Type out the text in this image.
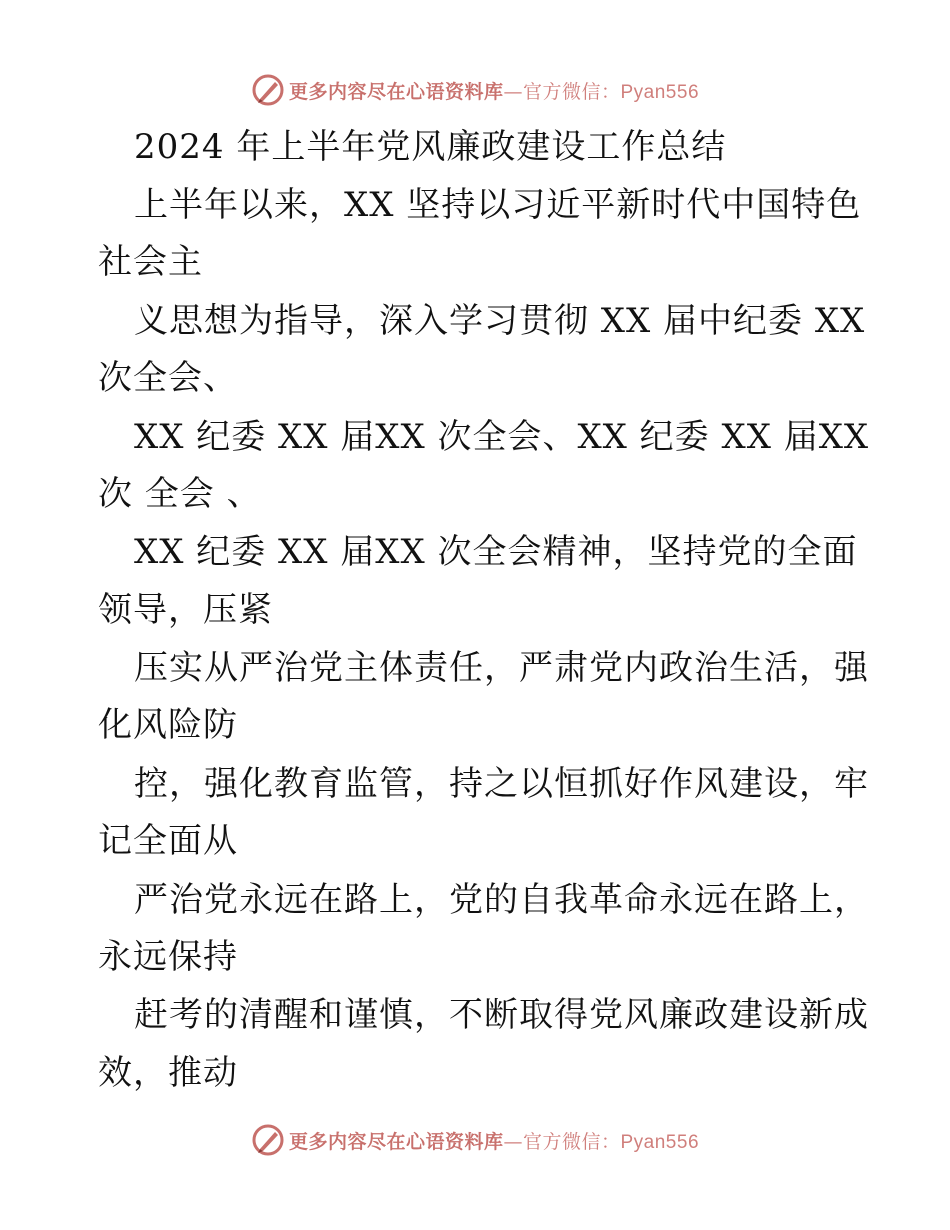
更多内容尽在心语资料库—官方微信：Pyan556
2024 年上半年党风廉政建设工作总结
上半年以来，XX 坚持以习近平新时代中国特色
社会主
义思想为指导，深入学习贯彻 XX 届中纪委 XX
次全会、
XX 纪委 XX 届XX 次全会、XX 纪委 XX 届XX
次 全会 、
XX 纪委 XX 届XX 次全会精神，坚持党的全面
领导，压紧
压实从严治党主体责任，严肃党内政治生活，强
化风险防
控，强化教育监管，持之以恒抓好作风建设，牢
记全面从
严治党永远在路上，党的自我革命永远在路上，
永远保持
赶考的清醒和谨慎，不断取得党风廉政建设新成
效，推动
更多内容尽在心语资料库—官方微信：Pyan556
